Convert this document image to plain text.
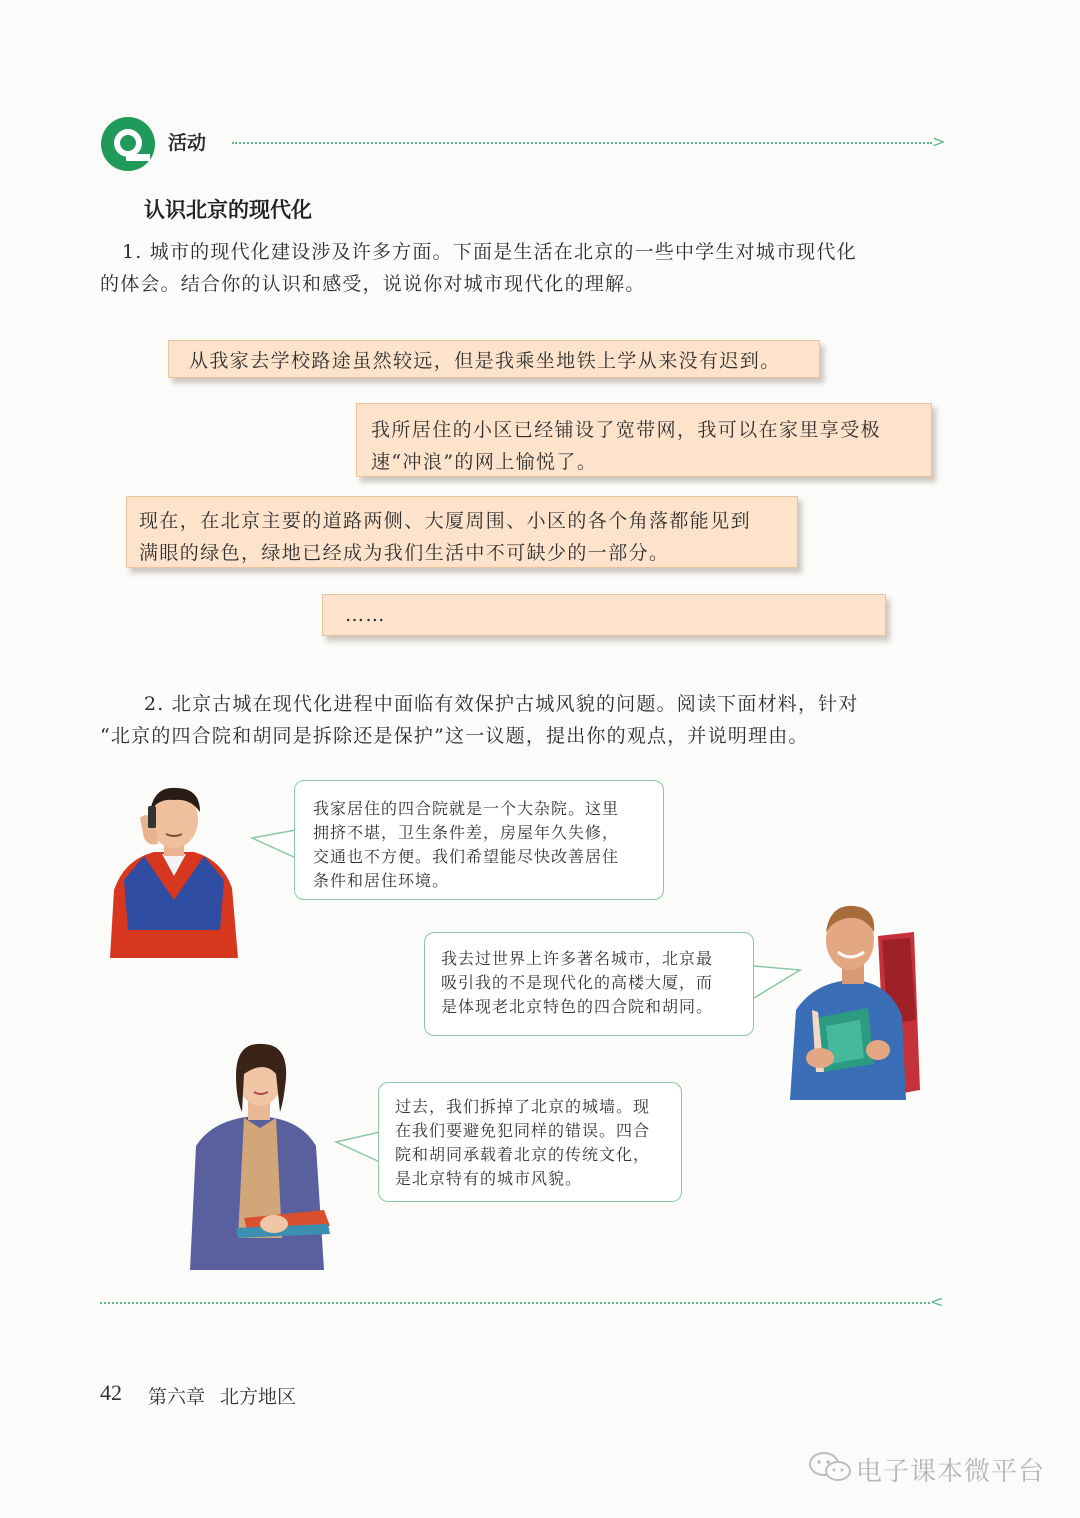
活动	>
认识北京的现代化
1. 城市的现代化建设涉及许多方面。下面是生活在北京的一些中学生对城市现代化
的体会。结合你的认识和感受，说说你对城市现代化的理解。
从我家去学校路途虽然较远，但是我乘坐地铁上学从来没有迟到。
我所居住的小区已经铺设了宽带网，我可以在家里享受极
速“冲浪”的网上愉悦了。
现在，在北京主要的道路两侧、大厦周围、小区的各个角落都能见到
满眼的绿色，绿地已经成为我们生活中不可缺少的一部分。
……
2. 北京古城在现代化进程中面临有效保护古城风貌的问题。阅读下面材料，针对
“北京的四合院和胡同是拆除还是保护”这一议题，提出你的观点，并说明理由。
我家居住的四合院就是一个大杂院。这里
拥挤不堪，卫生条件差，房屋年久失修，
交通也不方便。我们希望能尽快改善居住
条件和居住环境。
我去过世界上许多著名城市，北京最
吸引我的不是现代化的高楼大厦，而
是体现老北京特色的四合院和胡同。
过去，我们拆掉了北京的城墙。现
在我们要避免犯同样的错误。四合
院和胡同承载着北京的传统文化，
是北京特有的城市风貌。
<
42 第六章 北方地区
电子课本微平台
